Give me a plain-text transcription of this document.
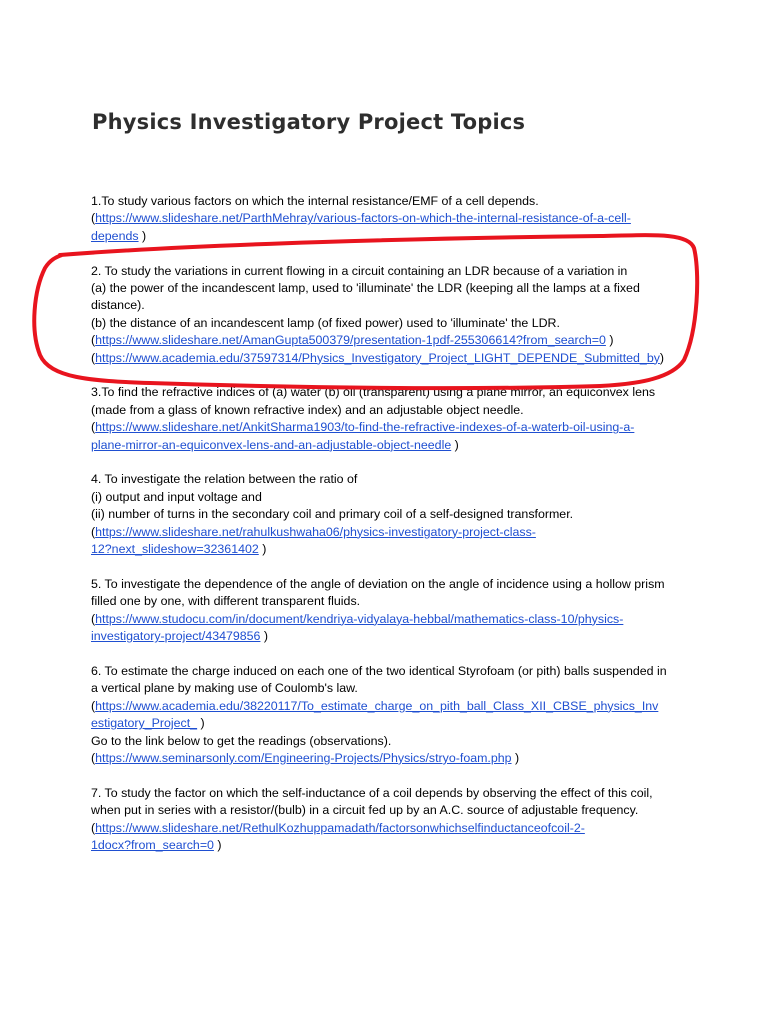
Physics Investigatory Project Topics
1.To study various factors on which the internal resistance/EMF of a cell depends.
(https://www.slideshare.net/ParthMehray/various-factors-on-which-the-internal-resistance-of-a-cell-
depends )
2. To study the variations in current flowing in a circuit containing an LDR because of a variation in
(a) the power of the incandescent lamp, used to 'illuminate' the LDR (keeping all the lamps at a fixed
distance).
(b) the distance of an incandescent lamp (of fixed power) used to 'illuminate' the LDR.
(https://www.slideshare.net/AmanGupta500379/presentation-1pdf-255306614?from_search=0 )
(https://www.academia.edu/37597314/Physics_Investigatory_Project_LIGHT_DEPENDE_Submitted_by)
3.To find the refractive indices of (a) water (b) oil (transparent) using a plane mirror, an equiconvex lens
(made from a glass of known refractive index) and an adjustable object needle.
(https://www.slideshare.net/AnkitSharma1903/to-find-the-refractive-indexes-of-a-waterb-oil-using-a-
plane-mirror-an-equiconvex-lens-and-an-adjustable-object-needle )
4. To investigate the relation between the ratio of
(i) output and input voltage and
(ii) number of turns in the secondary coil and primary coil of a self-designed transformer.
(https://www.slideshare.net/rahulkushwaha06/physics-investigatory-project-class-
12?next_slideshow=32361402 )
5. To investigate the dependence of the angle of deviation on the angle of incidence using a hollow prism
filled one by one, with different transparent fluids.
(https://www.studocu.com/in/document/kendriya-vidyalaya-hebbal/mathematics-class-10/physics-
investigatory-project/43479856 )
6. To estimate the charge induced on each one of the two identical Styrofoam (or pith) balls suspended in
a vertical plane by making use of Coulomb's law.
(https://www.academia.edu/38220117/To_estimate_charge_on_pith_ball_Class_XII_CBSE_physics_Inv
estigatory_Project_ )
Go to the link below to get the readings (observations).
(https://www.seminarsonly.com/Engineering-Projects/Physics/stryo-foam.php )
7. To study the factor on which the self-inductance of a coil depends by observing the effect of this coil,
when put in series with a resistor/(bulb) in a circuit fed up by an A.C. source of adjustable frequency.
(https://www.slideshare.net/RethulKozhuppamadath/factorsonwhichselfinductanceofcoil-2-
1docx?from_search=0 )
